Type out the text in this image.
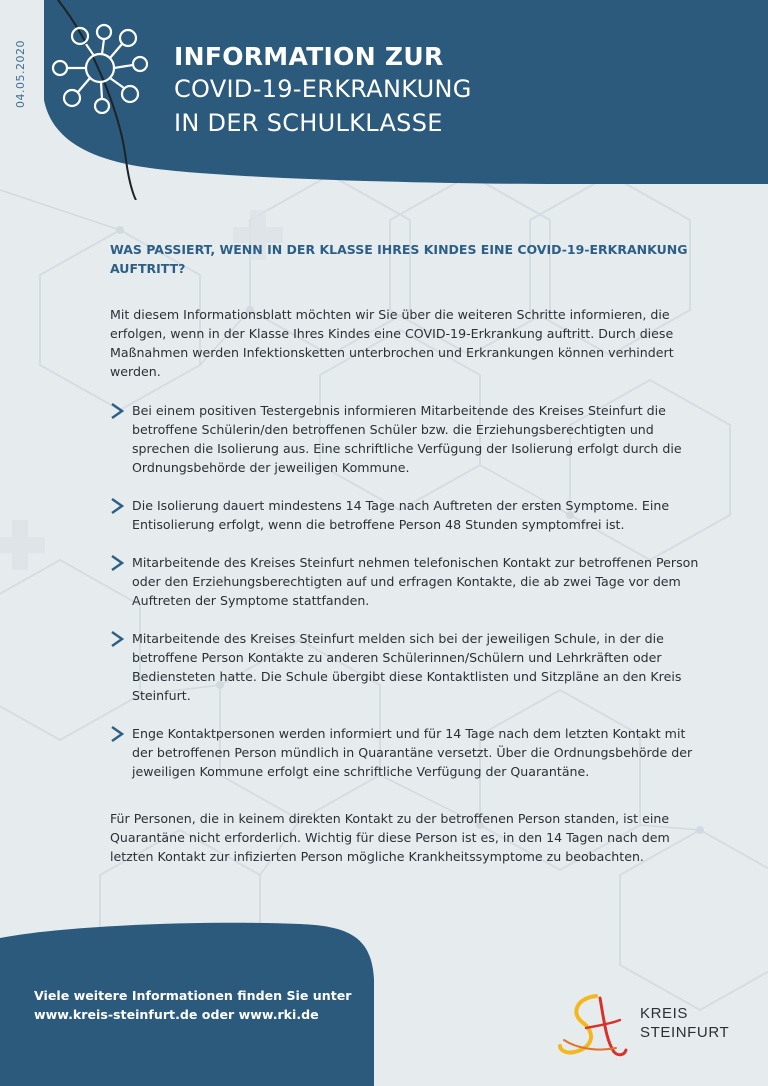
04.05.2020	INFORMATION ZUR
COVID-19-ERKRANKUNG
IN DER SCHULKLASSE
WAS PASSIERT, WENN IN DER KLASSE IHRES KINDES EINE COVID-19-ERKRANKUNG AUFTRITT?

Mit diesem Informationsblatt möchten wir Sie über die weiteren Schritte informieren, die erfolgen, wenn in der Klasse Ihres Kindes eine COVID-19-Erkrankung auftritt. Durch diese Maßnahmen werden Infektionsketten unterbrochen und Erkrankungen können verhindert werden.

Bei einem positiven Testergebnis informieren Mitarbeitende des Kreises Steinfurt die betroffene Schülerin/den betroffenen Schüler bzw. die Erziehungsberechtigten und sprechen die Isolierung aus. Eine schriftliche Verfügung der Isolierung erfolgt durch die Ordnungsbehörde der jeweiligen Kommune.
Die Isolierung dauert mindestens 14 Tage nach Auftreten der ersten Symptome. Eine Entisolierung erfolgt, wenn die betroffene Person 48 Stunden symptomfrei ist.
Mitarbeitende des Kreises Steinfurt nehmen telefonischen Kontakt zur betroffenen Person oder den Erziehungsberechtigten auf und erfragen Kontakte, die ab zwei Tage vor dem Auftreten der Symptome stattfanden.
Mitarbeitende des Kreises Steinfurt melden sich bei der jeweiligen Schule, in der die betroffene Person Kontakte zu anderen Schülerinnen/Schülern und Lehrkräften oder Bediensteten hatte. Die Schule übergibt diese Kontaktlisten und Sitzpläne an den Kreis Steinfurt.
Enge Kontaktpersonen werden informiert und für 14 Tage nach dem letzten Kontakt mit der betroffenen Person mündlich in Quarantäne versetzt. Über die Ordnungsbehörde der jeweiligen Kommune erfolgt eine schriftliche Verfügung der Quarantäne.

Für Personen, die in keinem direkten Kontakt zu der betroffenen Person standen, ist eine Quarantäne nicht erforderlich. Wichtig für diese Person ist es, in den 14 Tagen nach dem letzten Kontakt zur infizierten Person mögliche Krankheitssymptome zu beobachten.

Viele weitere Informationen finden Sie unter
www.kreis-steinfurt.de oder www.rki.de	KREIS
STEINFURT
